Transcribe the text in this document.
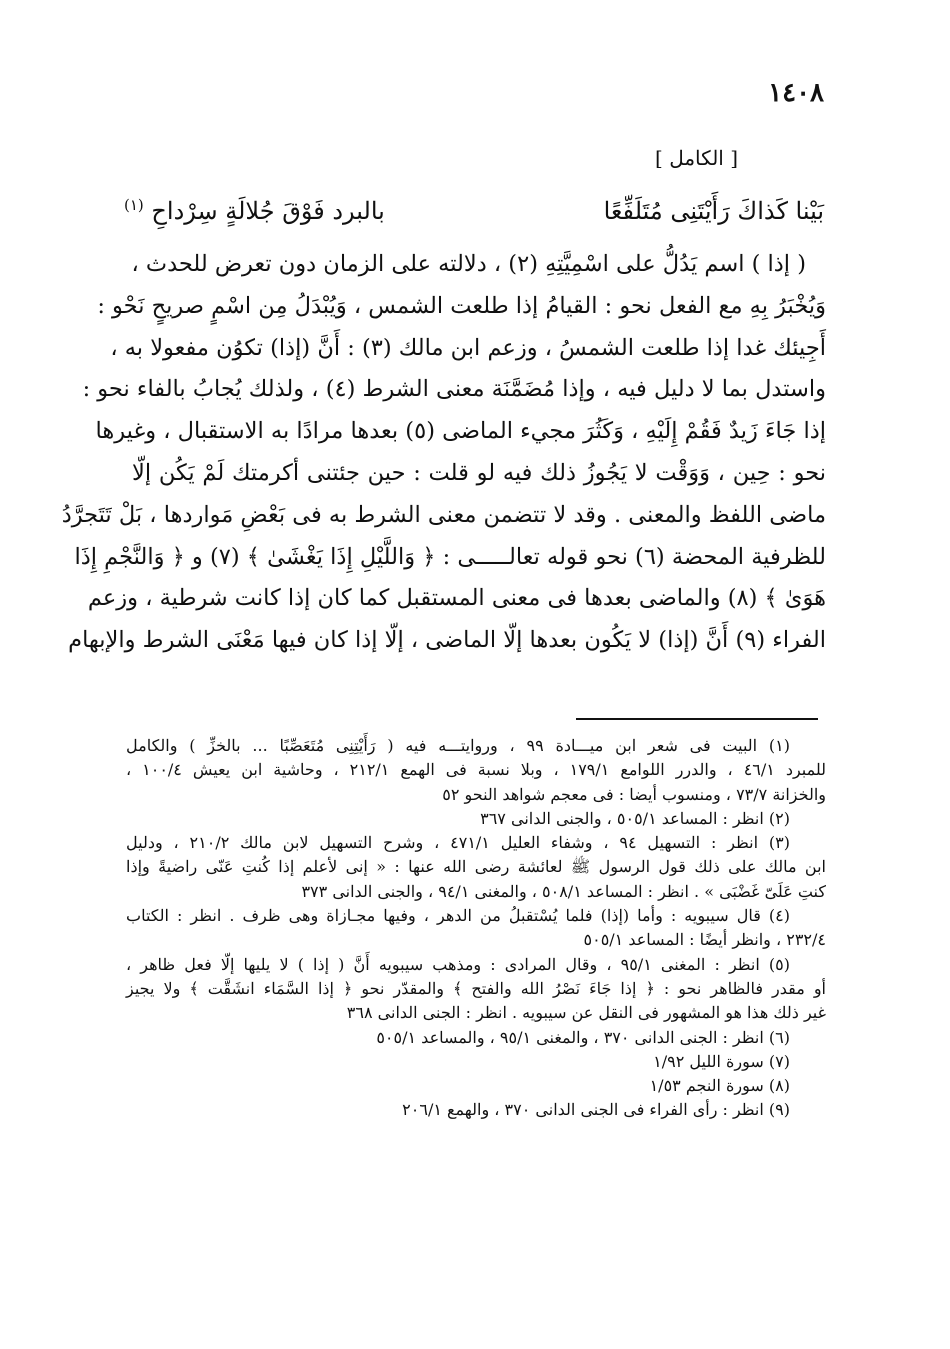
١٤٠٨
[ الكامل ]
بَيْنا كَذاكَ رَأَيْتَنِى مُتَلَفِّعًا
بالبرد فَوْقَ جُلالَةٍ سِرْداحِ $^{(١)}$
( إذا ) اسم يَدُلُّ على اسْمِيَّتِهِ (٢) ، دلالته على الزمان دون تعرض للحدث ،
وَيُخْبَرُ بِهِ مع الفعل نحو : القيامُ إذا طلعت الشمس ، وَيُبْدَلُ مِن اسْمٍ صريحٍ نَحْو :
أَجِيئك غدا إذا طلعت الشمسُ ، وزعم ابن مالك (٣) : أَنَّ (إذا) تكوُن مفعولا به ،
واستدل بما لا دليل فيه ، وإذا مُضَمَّنَة معنى الشرط (٤) ، ولذلك يُجابُ بالفاء نحو :
إذا جَاءَ زَيدٌ فَقُمْ إِلَيْهِ ، وَكَثُرَ مجيء الماضى (٥) بعدها مرادًا به الاستقبال ، وغيرها
نحو : حِين ، وَوَقْت لا يَجُوزُ ذلك فيه لو قلت : حين جئتنى أكرمتك لَمْ يَكُن إلّا
ماضى اللفظ والمعنى . وقد لا تتضمن معنى الشرط به فى بَعْضِ مَواردها ، بَلْ تَتَجرَّدُ
للظرفية المحضة (٦) نحو قوله تعالـــــى : ﴿ وَاللَّيْلِ إِذَا يَغْشَىٰ ﴾ (٧) و ﴿ وَالنَّجْمِ إِذَا
هَوَىٰ ﴾ (٨) والماضى بعدها فى معنى المستقبل كما كان إذا كانت شرطية ، وزعم
الفراء (٩) أَنَّ (إذا) لا يَكُون بعدها إلّا الماضى ، إلّا إذا كان فيها مَعْنَى الشرط والإبهام
(١) البيت فى شعر ابن ميـــادة ٩٩ ، وروايتـــه فيه ( رَأَيْتِنِى مُتَعَصِّبًا ... بالخزِّ ) والكامل
للمبرد ٤٦/١ ، والدرر اللوامع ١٧٩/١ ، وبلا نسبة فى الهمع ٢١٢/١ ، وحاشية ابن يعيش ١٠٠/٤ ،
والخزانة ٧٣/٧ ، ومنسوب أيضا : فى معجم شواهد النحو ٥٢
(٢) انظر : المساعد ٥٠٥/١ ، والجنى الدانى ٣٦٧
(٣) انظر : التسهيل ٩٤ ، وشفاء العليل ٤٧١/١ ، وشرح التسهيل لابن مالك ٢١٠/٢ ، ودليل
ابن مالك على ذلك قول الرسول ﷺ لعائشة رضى الله عنها : « إنى لأعلم إذا كُنتِ عَنّى راضيةً وإذا
كنتِ عَلَىّ غَضْبَى » . انظر : المساعد ٥٠٨/١ ، والمغنى ٩٤/١ ، والجنى الدانى ٣٧٣
(٤) قال سيبويه : وأما (إذا) فلما يُسْتقبلُ من الدهر ، وفيها مجـازاة وهى ظرف . انظر : الكتاب
٢٣٢/٤ ، وانظر أيضًا : المساعد ٥٠٥/١
(٥) انظر : المغنى ٩٥/١ ، وقال المرادى : ومذهب سيبويه أَنَّ ( إذا ) لا يليها إلّا فعل ظاهر ،
أو مقدر فالظاهر نحو : ﴿ إذا جَاءَ نَصْرُ الله والفتح ﴾ والمقدّر نحو ﴿ إذا السَّمَاء انشَقَّت ﴾ ولا يجيز
غير ذلك هذا هو المشهور فى النقل عن سيبويه . انظر : الجنى الدانى ٣٦٨
(٦) انظر : الجنى الدانى ٣٧٠ ، والمغنى ٩٥/١ ، والمساعد ٥٠٥/١
(٧) سورة الليل ١/٩٢
(٨) سورة النجم ١/٥٣
(٩) انظر : رأى الفراء فى الجنى الدانى ٣٧٠ ، والهمع ٢٠٦/١
